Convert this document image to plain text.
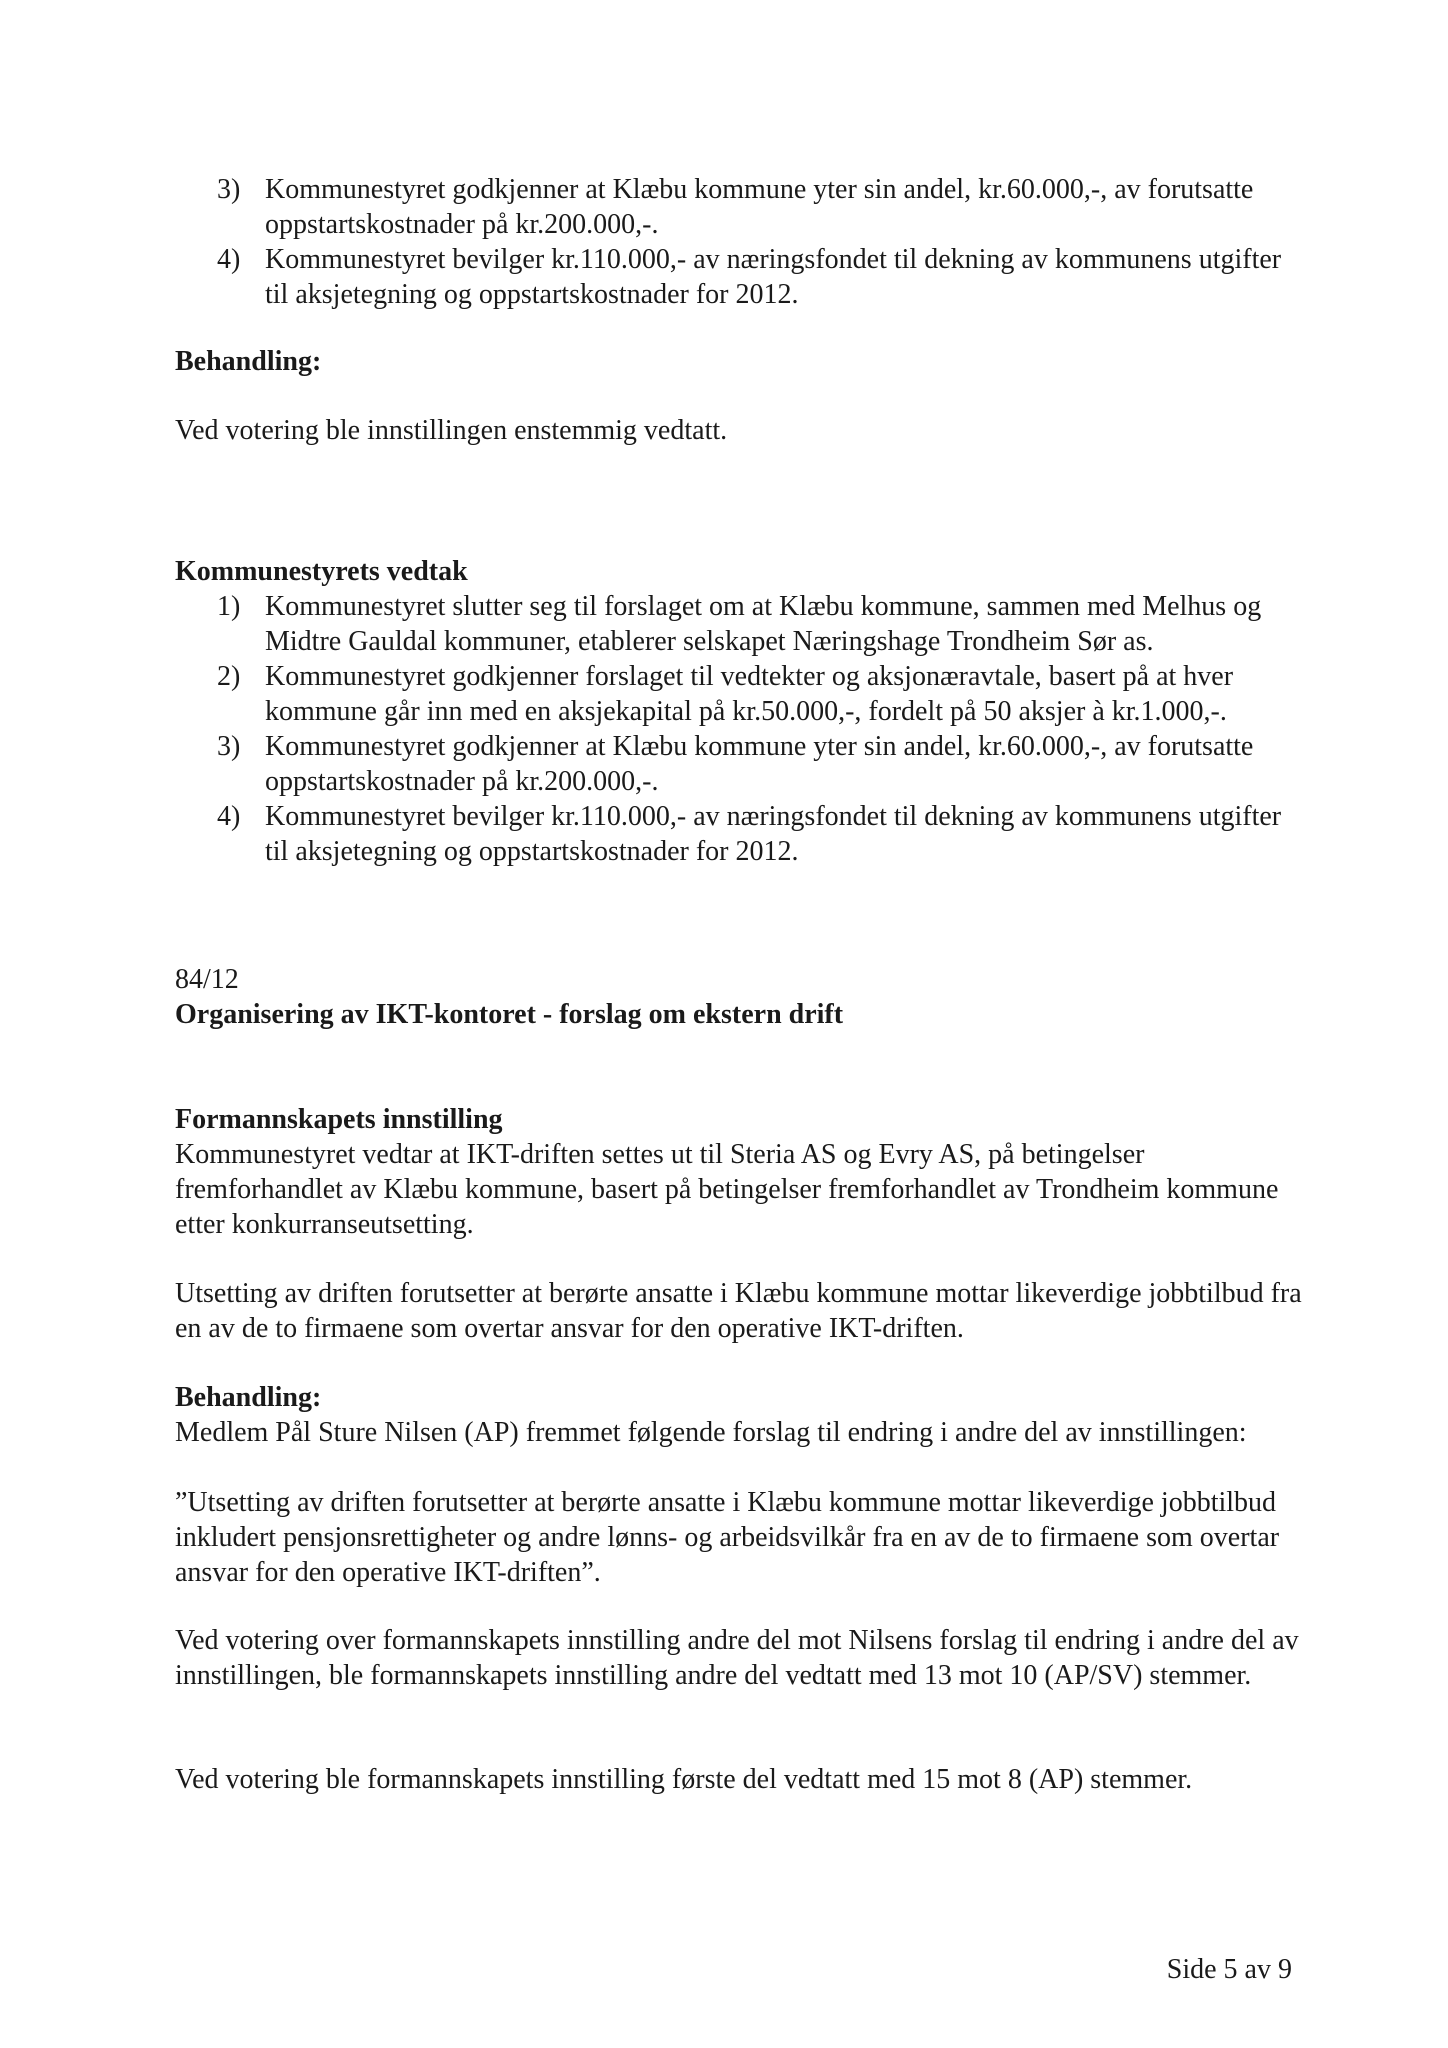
3) Kommunestyret godkjenner at Klæbu kommune yter sin andel, kr.60.000,-, av forutsatte oppstartskostnader på kr.200.000,-.
4) Kommunestyret bevilger kr.110.000,- av næringsfondet til dekning av kommunens utgifter til aksjetegning og oppstartskostnader for 2012.

Behandling:

Ved votering ble innstillingen enstemmig vedtatt.

Kommunestyrets vedtak

1) Kommunestyret slutter seg til forslaget om at Klæbu kommune, sammen med Melhus og Midtre Gauldal kommuner, etablerer selskapet Næringshage Trondheim Sør as.
2) Kommunestyret godkjenner forslaget til vedtekter og aksjonæravtale, basert på at hver kommune går inn med en aksjekapital på kr.50.000,-, fordelt på 50 aksjer à kr.1.000,-.
3) Kommunestyret godkjenner at Klæbu kommune yter sin andel, kr.60.000,-, av forutsatte oppstartskostnader på kr.200.000,-.
4) Kommunestyret bevilger kr.110.000,- av næringsfondet til dekning av kommunens utgifter til aksjetegning og oppstartskostnader for 2012.

84/12

Organisering av IKT-kontoret - forslag om ekstern drift

Formannskapets innstilling

Kommunestyret vedtar at IKT-driften settes ut til Steria AS og Evry AS, på betingelser fremforhandlet av Klæbu kommune, basert på betingelser fremforhandlet av Trondheim kommune etter konkurranseutsetting.

Utsetting av driften forutsetter at berørte ansatte i Klæbu kommune mottar likeverdige jobbtilbud fra en av de to firmaene som overtar ansvar for den operative IKT-driften.

Behandling:

Medlem Pål Sture Nilsen (AP) fremmet følgende forslag til endring i andre del av innstillingen:

”Utsetting av driften forutsetter at berørte ansatte i Klæbu kommune mottar likeverdige jobbtilbud inkludert pensjonsrettigheter og andre lønns- og arbeidsvilkår fra en av de to firmaene som overtar ansvar for den operative IKT-driften”.

Ved votering over formannskapets innstilling andre del mot Nilsens forslag til endring i andre del av innstillingen, ble formannskapets innstilling andre del vedtatt med 13 mot 10 (AP/SV) stemmer.

Ved votering ble formannskapets innstilling første del vedtatt med 15 mot 8 (AP) stemmer.

Side 5 av 9
